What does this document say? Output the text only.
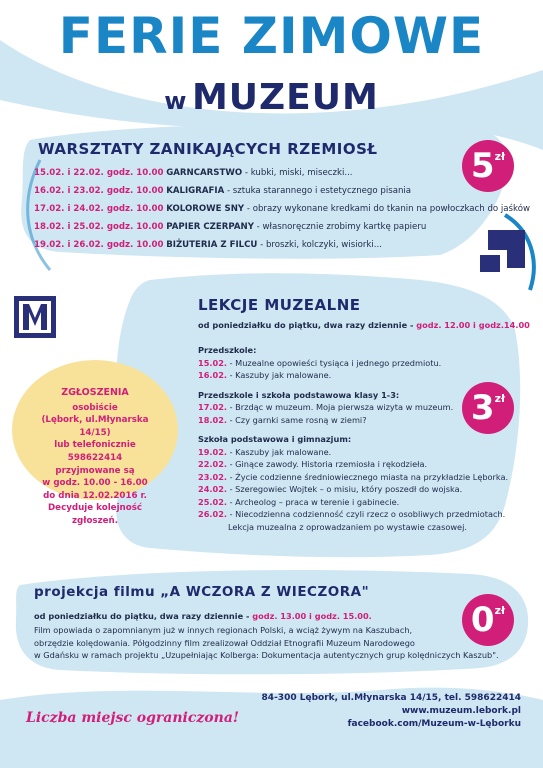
FERIE ZIMOWE
w MUZEUM
WARSZTATY ZANIKAJĄCYCH RZEMIOSŁ	$5^{zł}$
15.02. i 22.02. godz. 10.00 GARNCARSTWO - kubki, miski, miseczki...
16.02. i 23.02. godz. 10.00 KALIGRAFIA - sztuka starannego i estetycznego pisania
17.02. i 24.02. godz. 10.00 KOLOROWE SNY - obrazy wykonane kredkami do tkanin na powłoczkach do jaśków
18.02. i 25.02. godz. 10.00 PAPIER CZERPANY - własnoręcznie zrobimy kartkę papieru
19.02. i 26.02. godz. 10.00 BIŻUTERIA Z FILCU - broszki, kolczyki, wisiorki...
LEKCJE MUZEALNE
od poniedziałku do piątku, dwa razy dziennie - godz. 12.00 i godz.14.00
$3^{zł}$
Przedszkole:
15.02. - Muzealne opowieści tysiąca i jednego przedmiotu.
16.02. - Kaszuby jak malowane.
Przedszkole i szkoła podstawowa klasy 1-3:
17.02. - Brzdąc w muzeum. Moja pierwsza wizyta w muzeum.
18.02. - Czy garnki same rosną w ziemi?
Szkoła podstawowa i gimnazjum:
19.02. - Kaszuby jak malowane.
22.02. - Ginące zawody. Historia rzemiosła i rękodzieła.
23.02. - Życie codzienne średniowiecznego miasta na przykładzie Lęborka.
24.02. - Szeregowiec Wojtek – o misiu, który poszedł do wojska.
25.02. - Archeolog – praca w terenie i gabinecie.
26.02. - Niecodzienna codzienność czyli rzecz o osobliwych przedmiotach.
Lekcja muzealna z oprowadzaniem po wystawie czasowej.
ZGŁOSZENIA
osobiście
(Lębork, ul.Młynarska 14/15)
lub telefonicznie 598622414
przyjmowane są
w godz. 10.00 - 16.00
do dnia 12.02.2016 r.
Decyduje kolejność zgłoszeń.
projekcja filmu „A WCZORA Z WIECZORA"
$0^{zł}$
od poniedziałku do piątku, dwa razy dziennie - godz. 13.00 i godz. 15.00.
Film opowiada o zapomnianym już w innych regionach Polski, a wciąż żywym na Kaszubach,
obrzędzie kolędowania. Półgodzinny film zrealizował Oddział Etnografii Muzeum Narodowego
w Gdańsku w ramach projektu „Uzupełniając Kolberga: Dokumentacja autentycznych grup kolędniczych Kaszub".
84-300 Lębork, ul.Młynarska 14/15, tel. 598622414
www.muzeum.lebork.pl
facebook.com/Muzeum-w-Lęborku
Liczba miejsc ograniczona!
